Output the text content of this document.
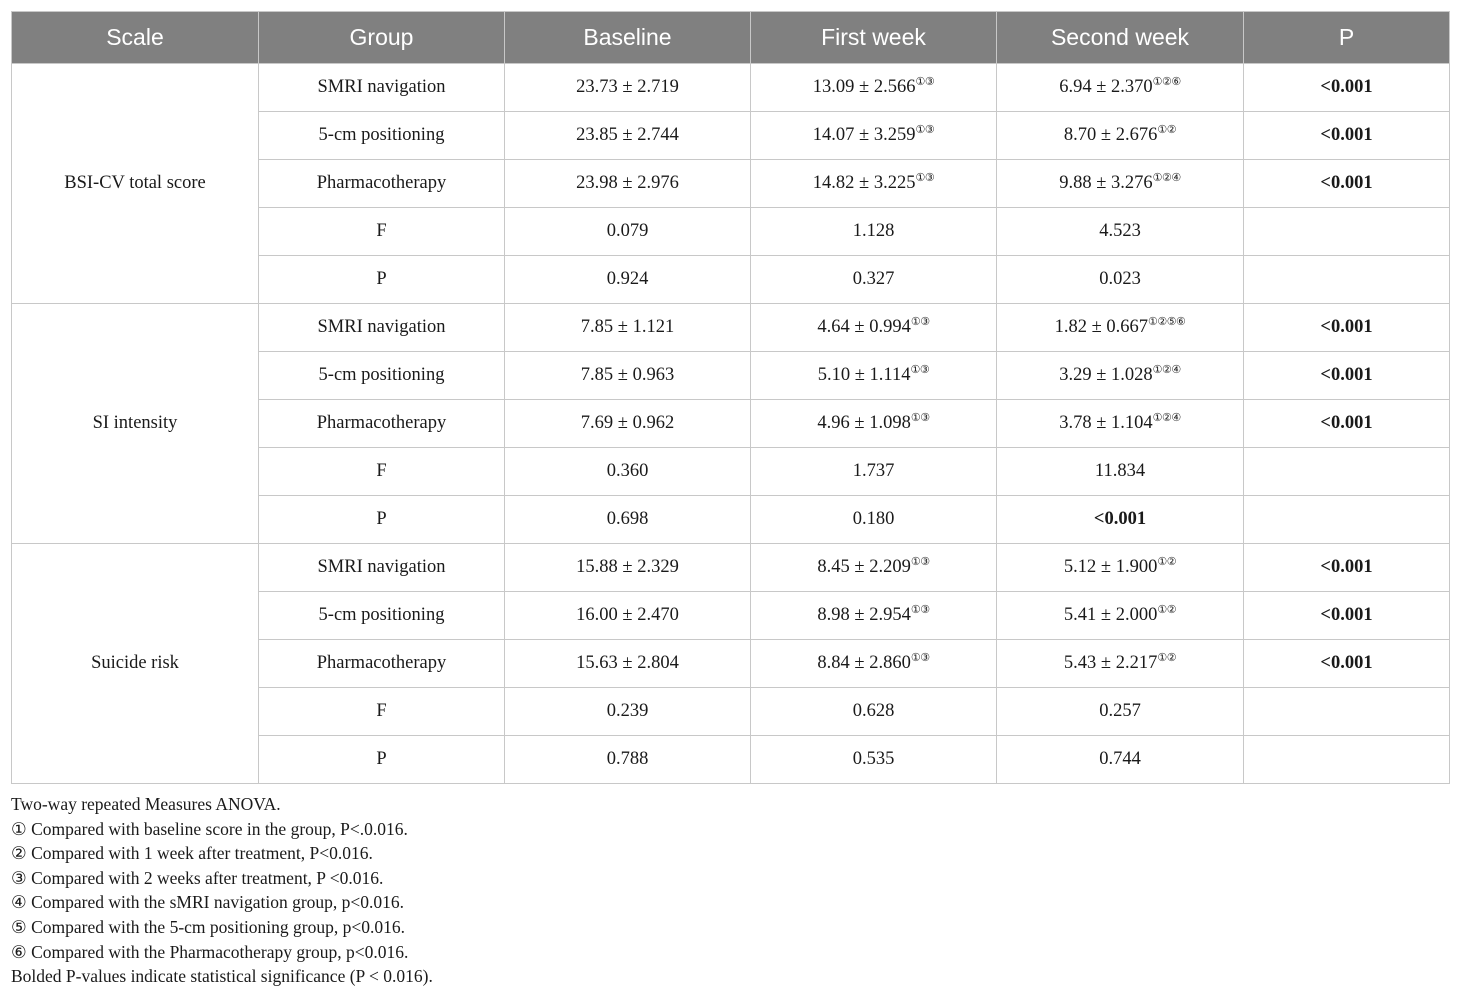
Scale	Group	Baseline	First week	Second week	P
BSI-CV total score	SMRI navigation	23.73 ± 2.719	13.09 ± 2.566①③	6.94 ± 2.370①②⑥	<0.001
	5-cm positioning	23.85 ± 2.744	14.07 ± 3.259①③	8.70 ± 2.676①②	<0.001
	Pharmacotherapy	23.98 ± 2.976	14.82 ± 3.225①③	9.88 ± 3.276①②④	<0.001
	F	0.079	1.128	4.523	
	P	0.924	0.327	0.023	
SI intensity	SMRI navigation	7.85 ± 1.121	4.64 ± 0.994①③	1.82 ± 0.667①②⑤⑥	<0.001
	5-cm positioning	7.85 ± 0.963	5.10 ± 1.114①③	3.29 ± 1.028①②④	<0.001
	Pharmacotherapy	7.69 ± 0.962	4.96 ± 1.098①③	3.78 ± 1.104①②④	<0.001
	F	0.360	1.737	11.834	
	P	0.698	0.180	<0.001	
Suicide risk	SMRI navigation	15.88 ± 2.329	8.45 ± 2.209①③	5.12 ± 1.900①②	<0.001
	5-cm positioning	16.00 ± 2.470	8.98 ± 2.954①③	5.41 ± 2.000①②	<0.001
	Pharmacotherapy	15.63 ± 2.804	8.84 ± 2.860①③	5.43 ± 2.217①②	<0.001
	F	0.239	0.628	0.257	
	P	0.788	0.535	0.744	
Two-way repeated Measures ANOVA.
① Compared with baseline score in the group, P<.0.016.
② Compared with 1 week after treatment, P<0.016.
③ Compared with 2 weeks after treatment, P <0.016.
④ Compared with the sMRI navigation group, p<0.016.
⑤ Compared with the 5-cm positioning group, p<0.016.
⑥ Compared with the Pharmacotherapy group, p<0.016.
Bolded P-values indicate statistical significance (P < 0.016).
